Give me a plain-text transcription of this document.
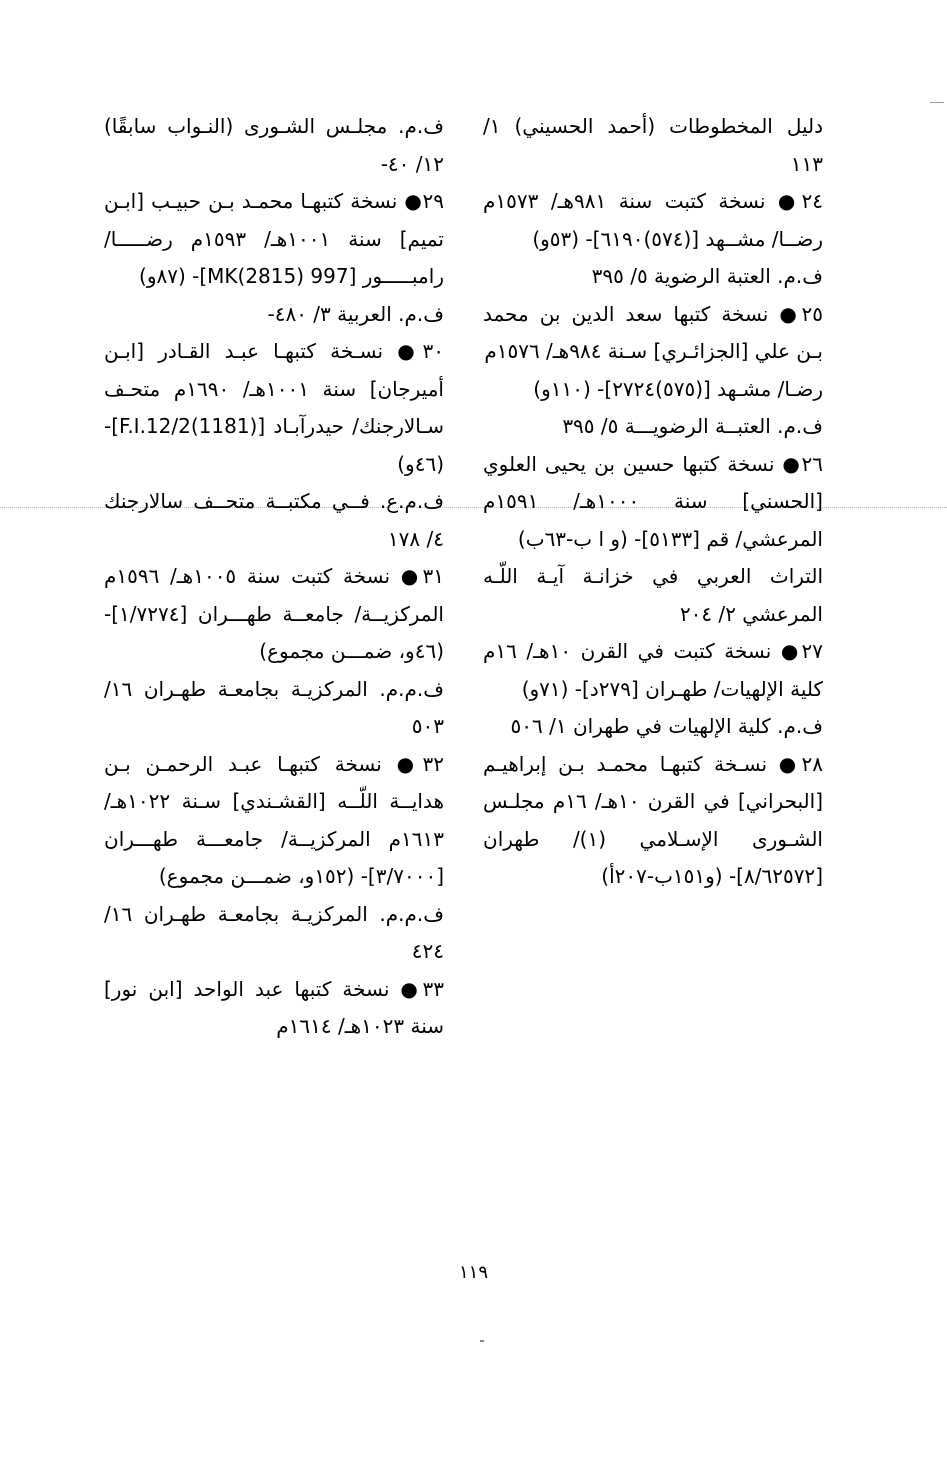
دليل المخطوطات (أحمد الحسيني) ١/ ١١٣

٢٤● نسخة كتبت سنة ٩٨١هـ/ ١٥٧٣م رضــا/ مشــهد [(٥٧٤)٦١٩٠]- (٥٣و)

ف.م. العتبة الرضوية ٥/ ٣٩٥

٢٥● نسخة كتبها سعد الدين بن محمد بـن علي [الجزائـري] سـنة ٩٨٤هـ/ ١٥٧٦م

رضـا/ مشـهد [(٥٧٥)٢٧٢٤]- (١١٠و)

ف.م. العتبــة الرضويـــة ٥/ ٣٩٥

٢٦● نسخة كتبها حسين بن يحيى العلوي [الحسني] سنة ١٠٠٠هـ/ ١٥٩١م المرعشي/ قم [٥١٣٣]- (و ا ب-٦٣ب)

التراث العربي في خزانـة آيـة اللّـه المرعشي ٢/ ٢٠٤

٢٧● نسخة كتبت في القرن ١٠هـ/ ١٦م كلية الإلهيات/ طهـران [٢٧٩د]- (٧١و)

ف.م. كلية الإلهيات في طهران ١/ ٥٠٦

٢٨● نسـخة كتبهـا محمـد بـن إبراهيـم [البحراني] في القرن ١٠هـ/ ١٦م مجلـس الشـورى الإسـلامي (١)/ طهران [٨/٦٢٥٧٢]- (و١٥١ب-٢٠٧أ)

ف.م. مجلـس الشـورى (النـواب سابقًا) ١٢/ ٤٠-

٢٩● نسخة كتبهـا محمـد بـن حبيـب [ابـن تميم] سنة ١٠٠١هـ/ ١٥٩٣م رضـــــا/ رامبـــــور [997 MK(2815)]- (٨٧و)

ف.م. العربية ٣/ ٤٨٠-

٣٠● نسـخة كتبهـا عبـد القـادر [ابـن أميرجان] سنة ١٠٠١هـ/ ١٦٩٠م متحـف سـالارجنك/ حيدرآبـاد [F.I.12/2(1181)]- (٤٦و)

ف.م.ع. فــي مكتبــة متحــف سالارجنك ٤/ ١٧٨

٣١● نسخة كتبت سنة ١٠٠٥هـ/ ١٥٩٦م المركزيــة/ جامعــة طهـــران [١/٧٢٧٤]- (٤٦و، ضمـــن مجموع)

ف.م.م. المركزيـة بجامعـة طهـران ١٦/ ٥٠٣

٣٢● نسخة كتبهـا عبـد الرحمـن بـن هدايــة اللّــه [القشـندي] سـنة ١٠٢٢هـ/ ١٦١٣م المركزيــة/ جامعـــة طهـــران [٣/٧٠٠٠]- (١٥٢و، ضمـــن مجموع)

ف.م.م. المركزيـة بجامعـة طهـران ١٦/ ٤٢٤

٣٣● نسخة كتبها عبد الواحد [ابن نور] سنة ١٠٢٣هـ/ ١٦١٤م

١١٩
